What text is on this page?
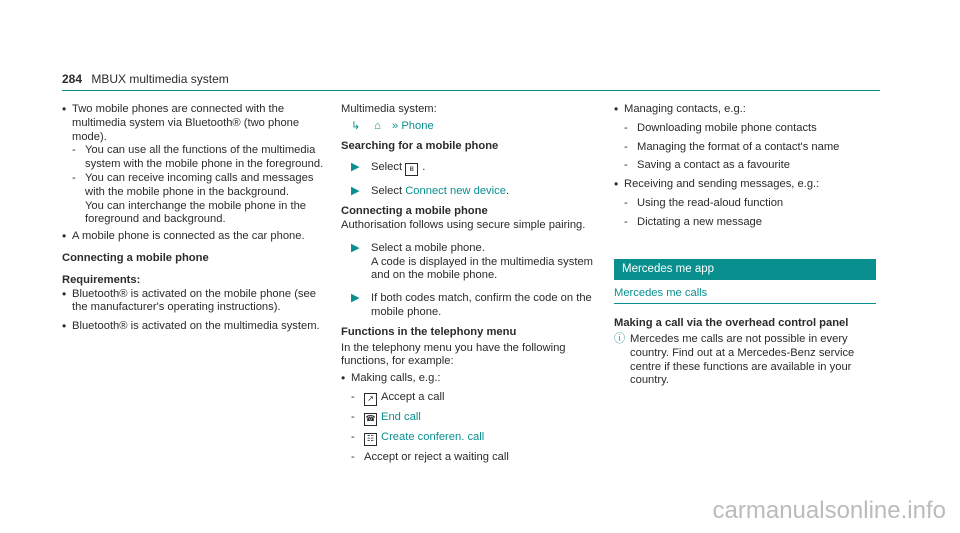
284 MBUX multimedia system
• Two mobile phones are connected with the multimedia system via Bluetooth® (two phone mode).

- You can use all the functions of the multimedia system with the mobile phone in the foreground.

- You can receive incoming calls and messages with the mobile phone in the background.

You can interchange the mobile phone in the foreground and background.

• A mobile phone is connected as the car phone.

Connecting a mobile phone

Requirements:

• Bluetooth® is activated on the mobile phone (see the manufacturer's operating instructions).

• Bluetooth® is activated on the multimedia system.

Multimedia system:

↳ ⌂ » Phone

Searching for a mobile phone

▶	Select ʙ .

▶	Select Connect new device.

Connecting a mobile phone

Authorisation follows using secure simple pairing.

▶	Select a mobile phone.

A code is displayed in the multimedia system and on the mobile phone.

▶	If both codes match, confirm the code on the mobile phone.

Functions in the telephony menu

In the telephony menu you have the following functions, for example:

• Making calls, e.g.:

-	↗ Accept a call

-	☎ End call

-	☷ Create conferen. call

- Accept or reject a waiting call

• Managing contacts, e.g.:

- Downloading mobile phone contacts

- Managing the format of a contact's name

- Saving a contact as a favourite

• Receiving and sending messages, e.g.:

- Using the read-aloud function

- Dictating a new message

Mercedes me app
Mercedes me calls

Making a call via the overhead control panel

ⓘ Mercedes me calls are not possible in every country. Find out at a Mercedes-Benz service centre if these functions are available in your country.

carmanualsonline.info
